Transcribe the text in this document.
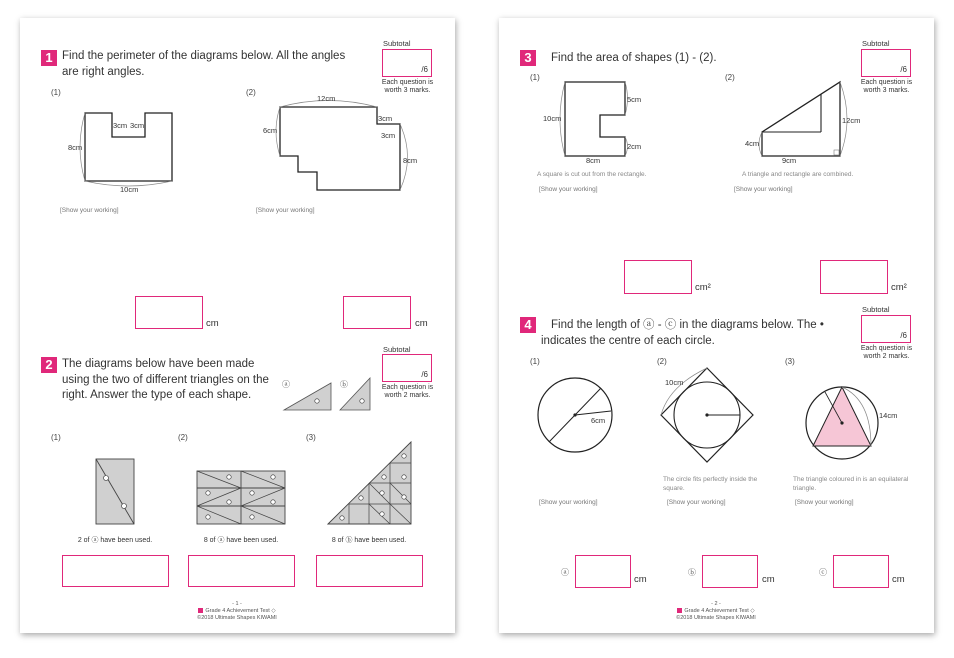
1 Find the perimeter of the diagrams below. All the angles are right angles.
Subtotal
/6
Each question is worth 3 marks.
(1)	(2)
3cm 3cm
8cm
10cm
12cm
6cm
3cm
3cm
8cm
[Show your working]	[Show your working]
cm	cm
2 The diagrams below have been made using the two of different triangles on the right. Answer the type of each shape.
Subtotal
/6
Each question is worth 2 marks.
ⓐ	ⓑ
(1)	(2)	(3)
2 of ⓐ have been used.	8 of ⓐ have been used.	8 of ⓑ have been used.
- 1 -
Grade 4 Achievement Test ◇
©2018 Ultimate Shapes KIWAMI
3	Find the area of shapes (1) - (2).
Subtotal
/6
Each question is worth 3 marks.
(1)	(2)
10cm
5cm
2cm
8cm
12cm
4cm
9cm
A square is cut out from the rectangle.	A triangle and rectangle are combined.
[Show your working]	[Show your working]
cm²	cm²
4	Find the length of ⓐ - ⓒ in the diagrams below. The • indicates the centre of each circle.
Subtotal
/6
Each question is worth 2 marks.
(1)	(2)	(3)
6cm
10cm
14cm
The circle fits perfectly inside the square.
The triangle coloured in is an equilateral triangle.
[Show your working]	[Show your working]	[Show your working]
ⓐ
cm
ⓑ
cm
ⓒ
cm
- 2 -
Grade 4 Achievement Test ◇
©2018 Ultimate Shapes KIWAMI
